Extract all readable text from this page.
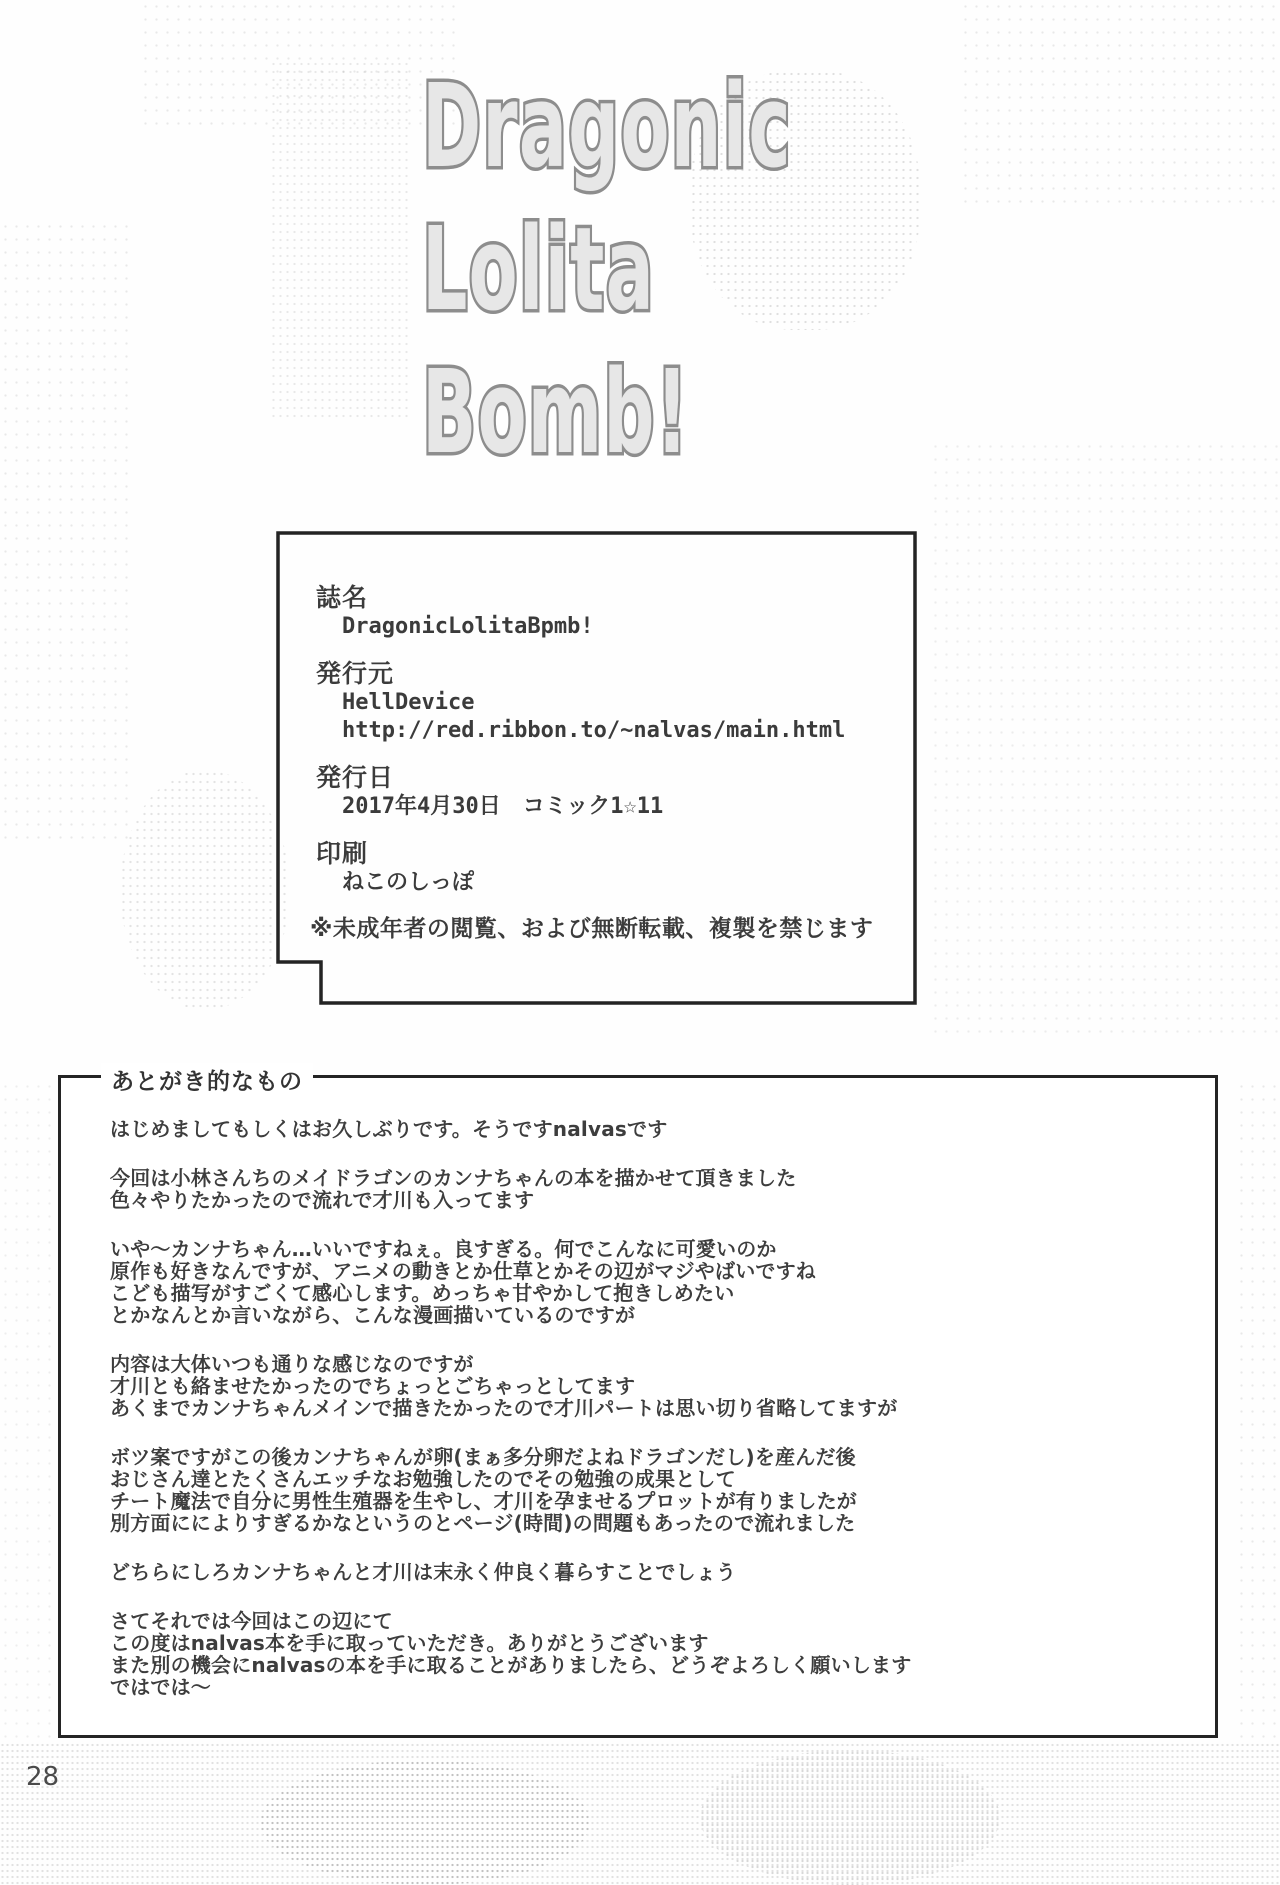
Dragonic
Lolita
Bomb!
誌名
DragonicLolitaBpmb!
発行元
HellDevice
http://red.ribbon.to/~nalvas/main.html
発行日
2017年4月30日　コミック1☆11
印刷
ねこのしっぽ
※未成年者の閲覧、および無断転載、複製を禁じます
あとがき的なもの
はじめましてもしくはお久しぶりです。そうですnalvasです
今回は小林さんちのメイドラゴンのカンナちゃんの本を描かせて頂きました
色々やりたかったので流れで才川も入ってます
いや〜カンナちゃん…いいですねぇ。良すぎる。何でこんなに可愛いのか
原作も好きなんですが、アニメの動きとか仕草とかその辺がマジやばいですね
こども描写がすごくて感心します。めっちゃ甘やかして抱きしめたい
とかなんとか言いながら、こんな漫画描いているのですが
内容は大体いつも通りな感じなのですが
才川とも絡ませたかったのでちょっとごちゃっとしてます
あくまでカンナちゃんメインで描きたかったので才川パートは思い切り省略してますが
ボツ案ですがこの後カンナちゃんが卵(まぁ多分卵だよねドラゴンだし)を産んだ後
おじさん達とたくさんエッチなお勉強したのでその勉強の成果として
チート魔法で自分に男性生殖器を生やし、才川を孕ませるプロットが有りましたが
別方面にによりすぎるかなというのとページ(時間)の問題もあったので流れました
どちらにしろカンナちゃんと才川は末永く仲良く暮らすことでしょう
さてそれでは今回はこの辺にて
この度はnalvas本を手に取っていただき。ありがとうございます
また別の機会にnalvasの本を手に取ることがありましたら、どうぞよろしく願いします
ではでは〜
28
